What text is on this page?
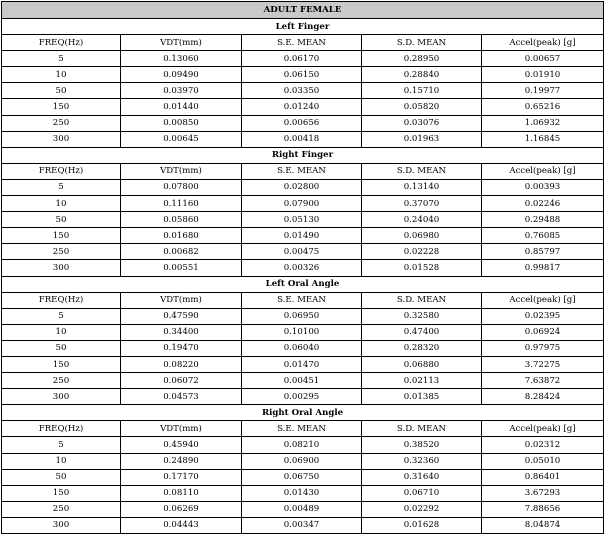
ADULT FEMALE				
Left Finger				
FREQ(Hz)	VDT(mm)	S.E. MEAN	S.D. MEAN	Accel(peak) [g]
5	0.13060	0.06170	0.28950	0.00657
10	0.09490	0.06150	0.28840	0.01910
50	0.03970	0.03350	0.15710	0.19977
150	0.01440	0.01240	0.05820	0.65216
250	0.00850	0.00656	0.03076	1.06932
300	0.00645	0.00418	0.01963	1.16845
Right Finger				
FREQ(Hz)	VDT(mm)	S.E. MEAN	S.D. MEAN	Accel(peak) [g]
5	0.07800	0.02800	0.13140	0.00393
10	0.11160	0.07900	0.37070	0.02246
50	0.05860	0.05130	0.24040	0.29488
150	0.01680	0.01490	0.06980	0.76085
250	0.00682	0.00475	0.02228	0.85797
300	0.00551	0.00326	0.01528	0.99817
Left Oral Angle				
FREQ(Hz)	VDT(mm)	S.E. MEAN	S.D. MEAN	Accel(peak) [g]
5	0.47590	0.06950	0.32580	0.02395
10	0.34400	0.10100	0.47400	0.06924
50	0.19470	0.06040	0.28320	0.97975
150	0.08220	0.01470	0.06880	3.72275
250	0.06072	0.00451	0.02113	7.63872
300	0.04573	0.00295	0.01385	8.28424
Right Oral Angle				
FREQ(Hz)	VDT(mm)	S.E. MEAN	S.D. MEAN	Accel(peak) [g]
5	0.45940	0.08210	0.38520	0.02312
10	0.24890	0.06900	0.32360	0.05010
50	0.17170	0.06750	0.31640	0.86401
150	0.08110	0.01430	0.06710	3.67293
250	0.06269	0.00489	0.02292	7.88656
300	0.04443	0.00347	0.01628	8.04874
